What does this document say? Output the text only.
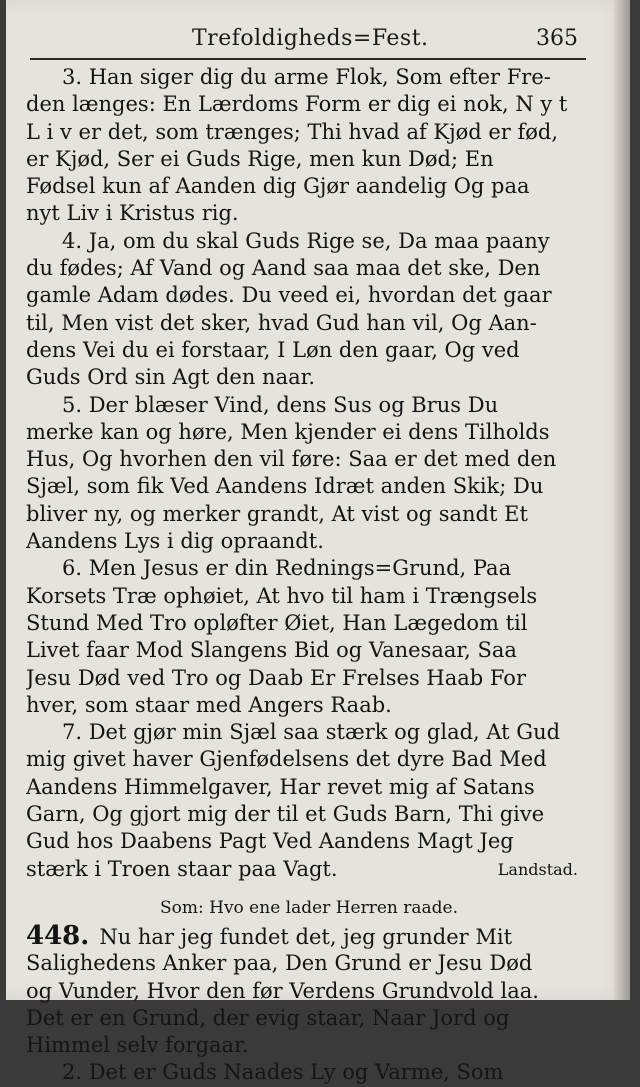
Trefoldigheds=Fest.	365
3. Han siger dig du arme Flok, Som efter Fre-
den længes: En Lærdoms Form er dig ei nok, N y t
L i v er det, som trænges; Thi hvad af Kjød er fød,
er Kjød, Ser ei Guds Rige, men kun Død; En
Fødsel kun af Aanden dig Gjør aandelig Og paa
nyt Liv i Kristus rig.
4. Ja, om du skal Guds Rige se, Da maa paany
du fødes; Af Vand og Aand saa maa det ske, Den
gamle Adam dødes. Du veed ei, hvordan det gaar
til, Men vist det sker, hvad Gud han vil, Og Aan-
dens Vei du ei forstaar, I Løn den gaar, Og ved
Guds Ord sin Agt den naar.
5. Der blæser Vind, dens Sus og Brus Du
merke kan og høre, Men kjender ei dens Tilholds
Hus, Og hvorhen den vil føre: Saa er det med den
Sjæl, som fik Ved Aandens Idræt anden Skik; Du
bliver ny, og merker grandt, At vist og sandt Et
Aandens Lys i dig opraandt.
6. Men Jesus er din Rednings=Grund, Paa
Korsets Træ ophøiet, At hvo til ham i Trængsels
Stund Med Tro opløfter Øiet, Han Lægedom til
Livet faar Mod Slangens Bid og Vanesaar, Saa
Jesu Død ved Tro og Daab Er Frelses Haab For
hver, som staar med Angers Raab.
7. Det gjør min Sjæl saa stærk og glad, At Gud
mig givet haver Gjenfødelsens det dyre Bad Med
Aandens Himmelgaver, Har revet mig af Satans
Garn, Og gjort mig der til et Guds Barn, Thi give
Gud hos Daabens Pagt Ved Aandens Magt Jeg
stærk i Troen staar paa Vagt.	Landstad.
Som: Hvo ene lader Herren raade.
448. Nu har jeg fundet det, jeg grunder Mit
Salighedens Anker paa, Den Grund er Jesu Død
og Vunder, Hvor den før Verdens Grundvold laa.
Det er en Grund, der evig staar, Naar Jord og
Himmel selv forgaar.
2. Det er Guds Naades Ly og Varme, Som
